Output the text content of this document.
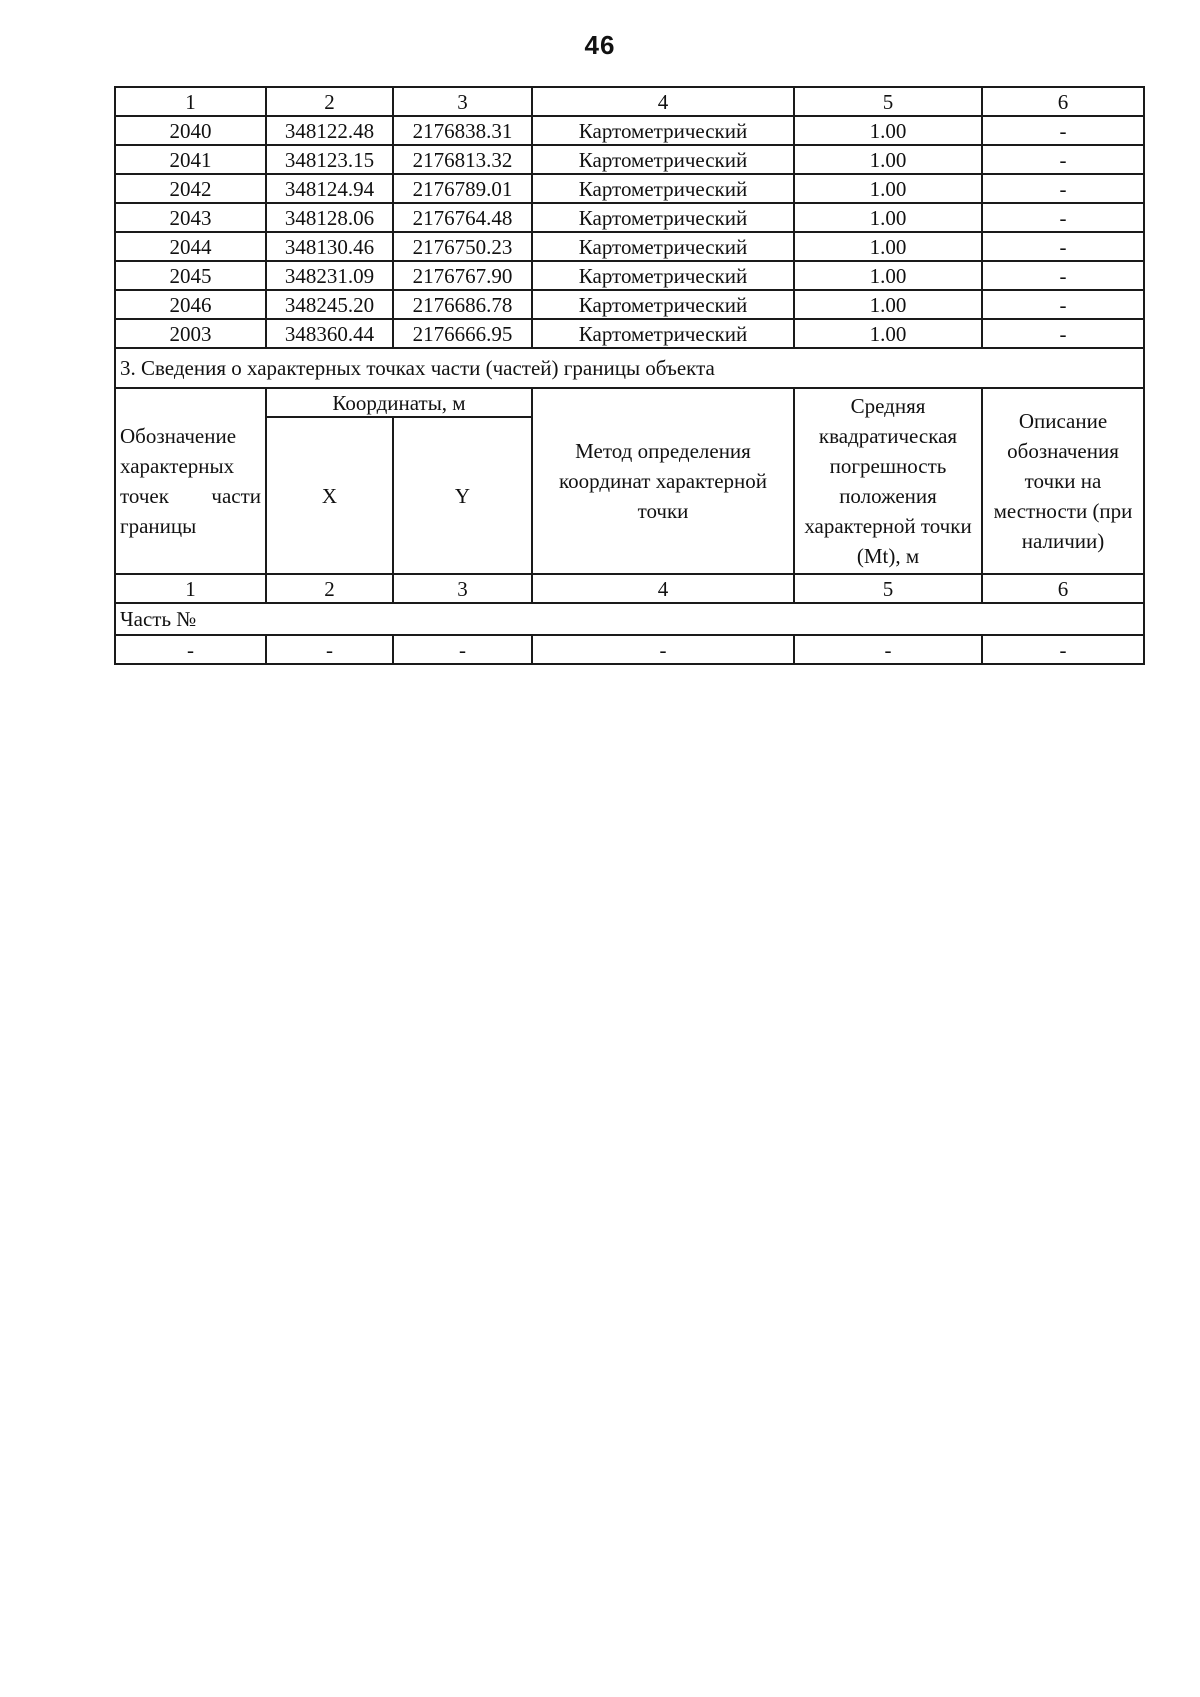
46
1	2	3	4	5	6
2040	348122.48	2176838.31	Картометрический	1.00	-
2041	348123.15	2176813.32	Картометрический	1.00	-
2042	348124.94	2176789.01	Картометрический	1.00	-
2043	348128.06	2176764.48	Картометрический	1.00	-
2044	348130.46	2176750.23	Картометрический	1.00	-
2045	348231.09	2176767.90	Картометрический	1.00	-
2046	348245.20	2176686.78	Картометрический	1.00	-
2003	348360.44	2176666.95	Картометрический	1.00	-
3. Сведения о характерных точках части (частей) границы объекта					
Обозначение характерных точек части границы	Координаты, м		Метод определения координат характерной точки	Средняя квадратическая погрешность положения характерной точки (Mt), м	Описание обозначения точки на местности (при наличии)
	X	Y			
1	2	3	4	5	6
Часть №					
-	-	-	-	-	-
